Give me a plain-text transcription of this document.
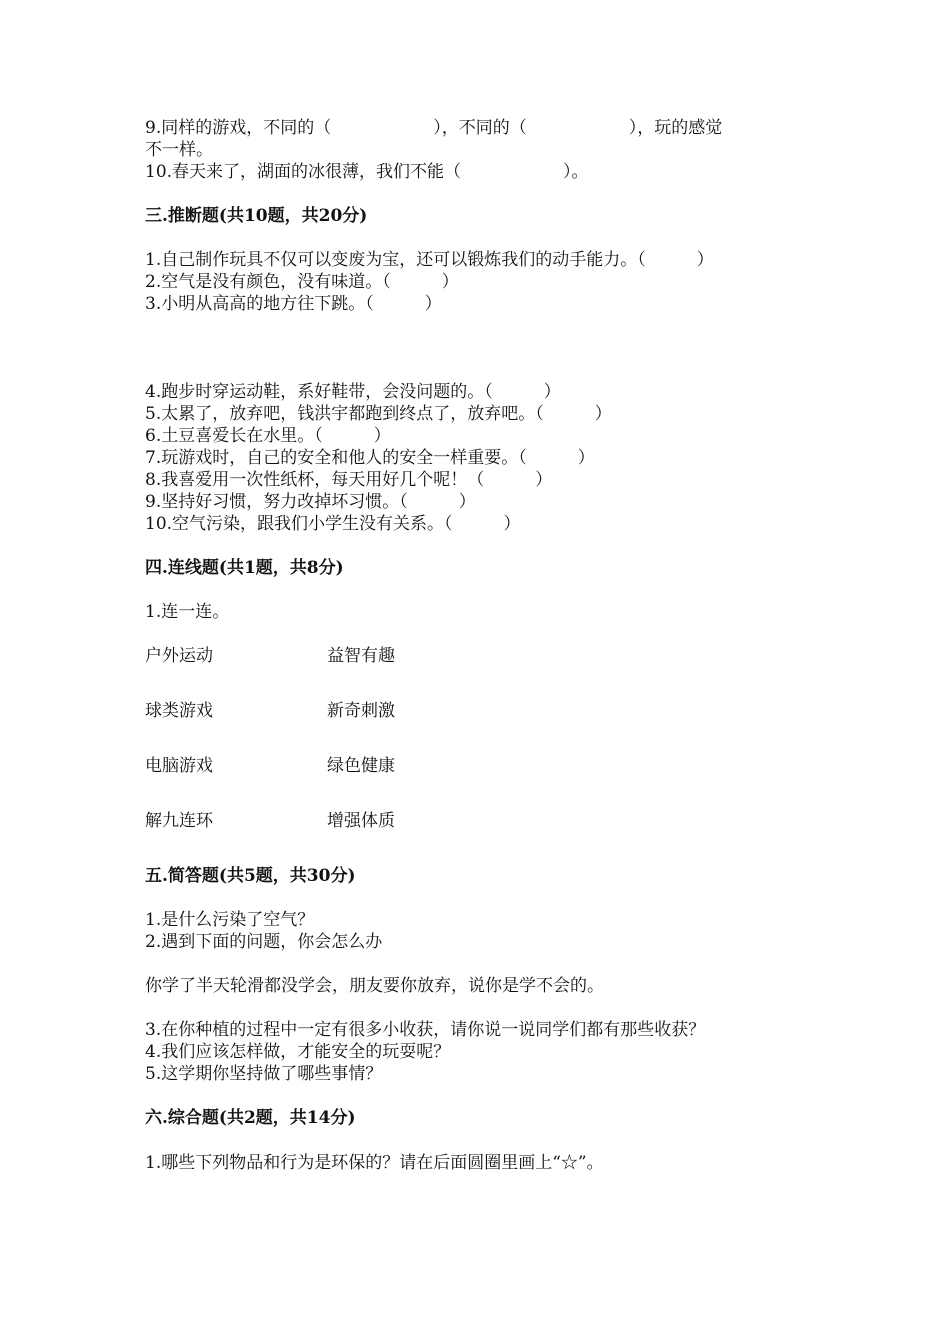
9.同样的游戏，不同的（　　　　　　），不同的（　　　　　　），玩的感觉
不一样。
10.春天来了，湖面的冰很薄，我们不能（　　　　　　）。
三.推断题(共10题，共20分)
1.自己制作玩具不仅可以变废为宝，还可以锻炼我们的动手能力。（　　　）
2.空气是没有颜色，没有味道。（　　　）
3.小明从高高的地方往下跳。（　　　）
4.跑步时穿运动鞋，系好鞋带，会没问题的。（　　　）
5.太累了，放弃吧，钱洪宇都跑到终点了，放弃吧。（　　　）
6.土豆喜爱长在水里。（　　　）
7.玩游戏时，自己的安全和他人的安全一样重要。（　　　）
8.我喜爱用一次性纸杯，每天用好几个呢！（　　　）
9.坚持好习惯，努力改掉坏习惯。（　　　）
10.空气污染，跟我们小学生没有关系。（　　　）
四.连线题(共1题，共8分)
1.连一连。
户外运动	益智有趣
球类游戏	新奇刺激
电脑游戏	绿色健康
解九连环	增强体质
五.简答题(共5题，共30分)
1.是什么污染了空气？
2.遇到下面的问题，你会怎么办
你学了半天轮滑都没学会，朋友要你放弃，说你是学不会的。
3.在你种植的过程中一定有很多小收获，请你说一说同学们都有那些收获？
4.我们应该怎样做，才能安全的玩耍呢？
5.这学期你坚持做了哪些事情？
六.综合题(共2题，共14分)
1.哪些下列物品和行为是环保的？请在后面圆圈里画上“☆”。
